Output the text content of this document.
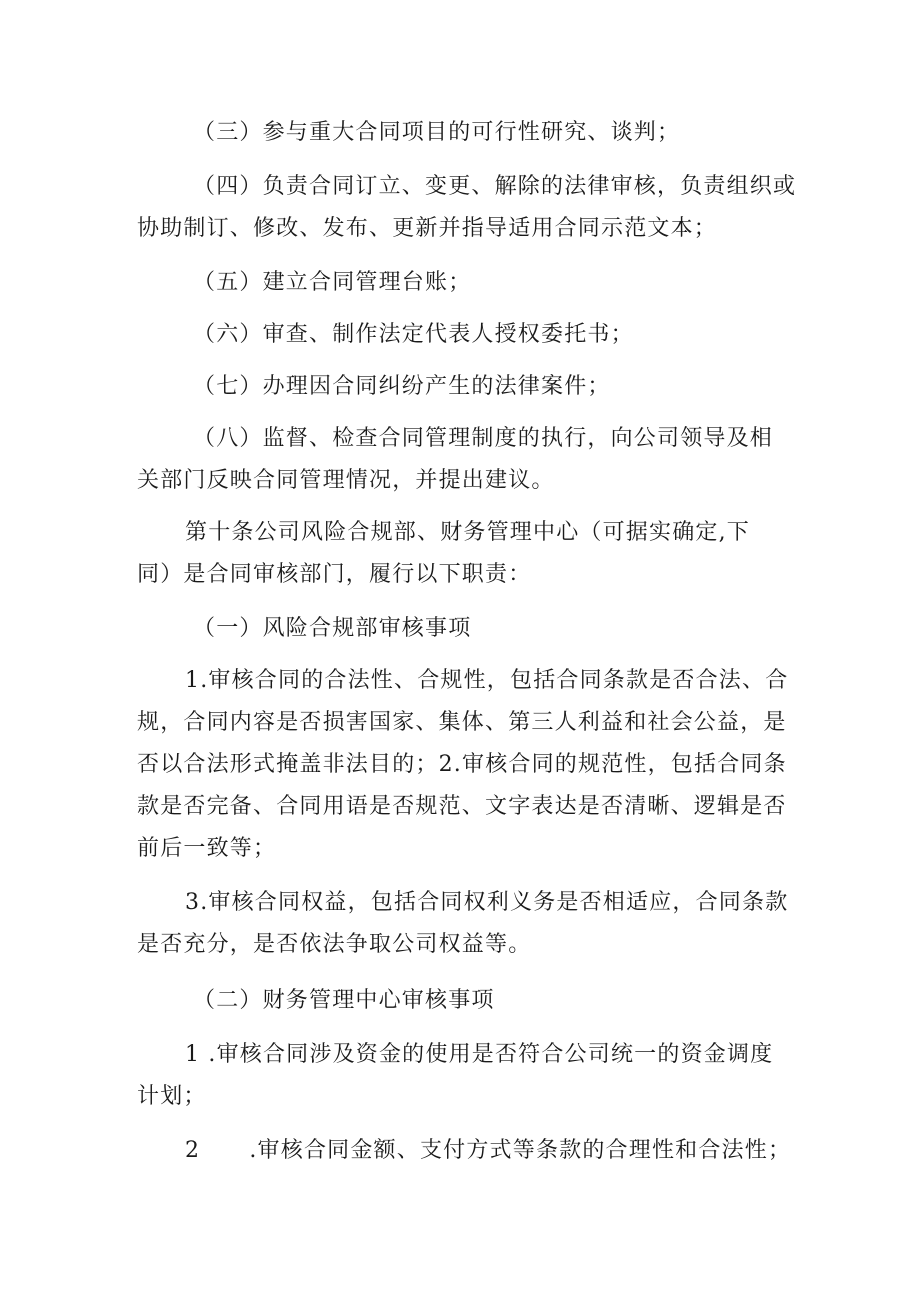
（三）参与重大合同项目的可行性研究、谈判；

（四）负责合同订立、变更、解除的法律审核，负责组织或
协助制订、修改、发布、更新并指导适用合同示范文本；

（五）建立合同管理台账；

（六）审查、制作法定代表人授权委托书；

（七）办理因合同纠纷产生的法律案件；

（八）监督、检查合同管理制度的执行，向公司领导及相
关部门反映合同管理情况，并提出建议。

第十条公司风险合规部、财务管理中心（可据实确定,下
同）是合同审核部门，履行以下职责：

（一）风险合规部审核事项

1.审核合同的合法性、合规性，包括合同条款是否合法、合
规，合同内容是否损害国家、集体、第三人利益和社会公益，是
否以合法形式掩盖非法目的；2.审核合同的规范性，包括合同条
款是否完备、合同用语是否规范、文字表达是否清晰、逻辑是否
前后一致等；

3.审核合同权益，包括合同权利义务是否相适应，合同条款
是否充分，是否依法争取公司权益等。

（二）财务管理中心审核事项

1 .审核合同涉及资金的使用是否符合公司统一的资金调度
计划；

2      .审核合同金额、支付方式等条款的合理性和合法性；
